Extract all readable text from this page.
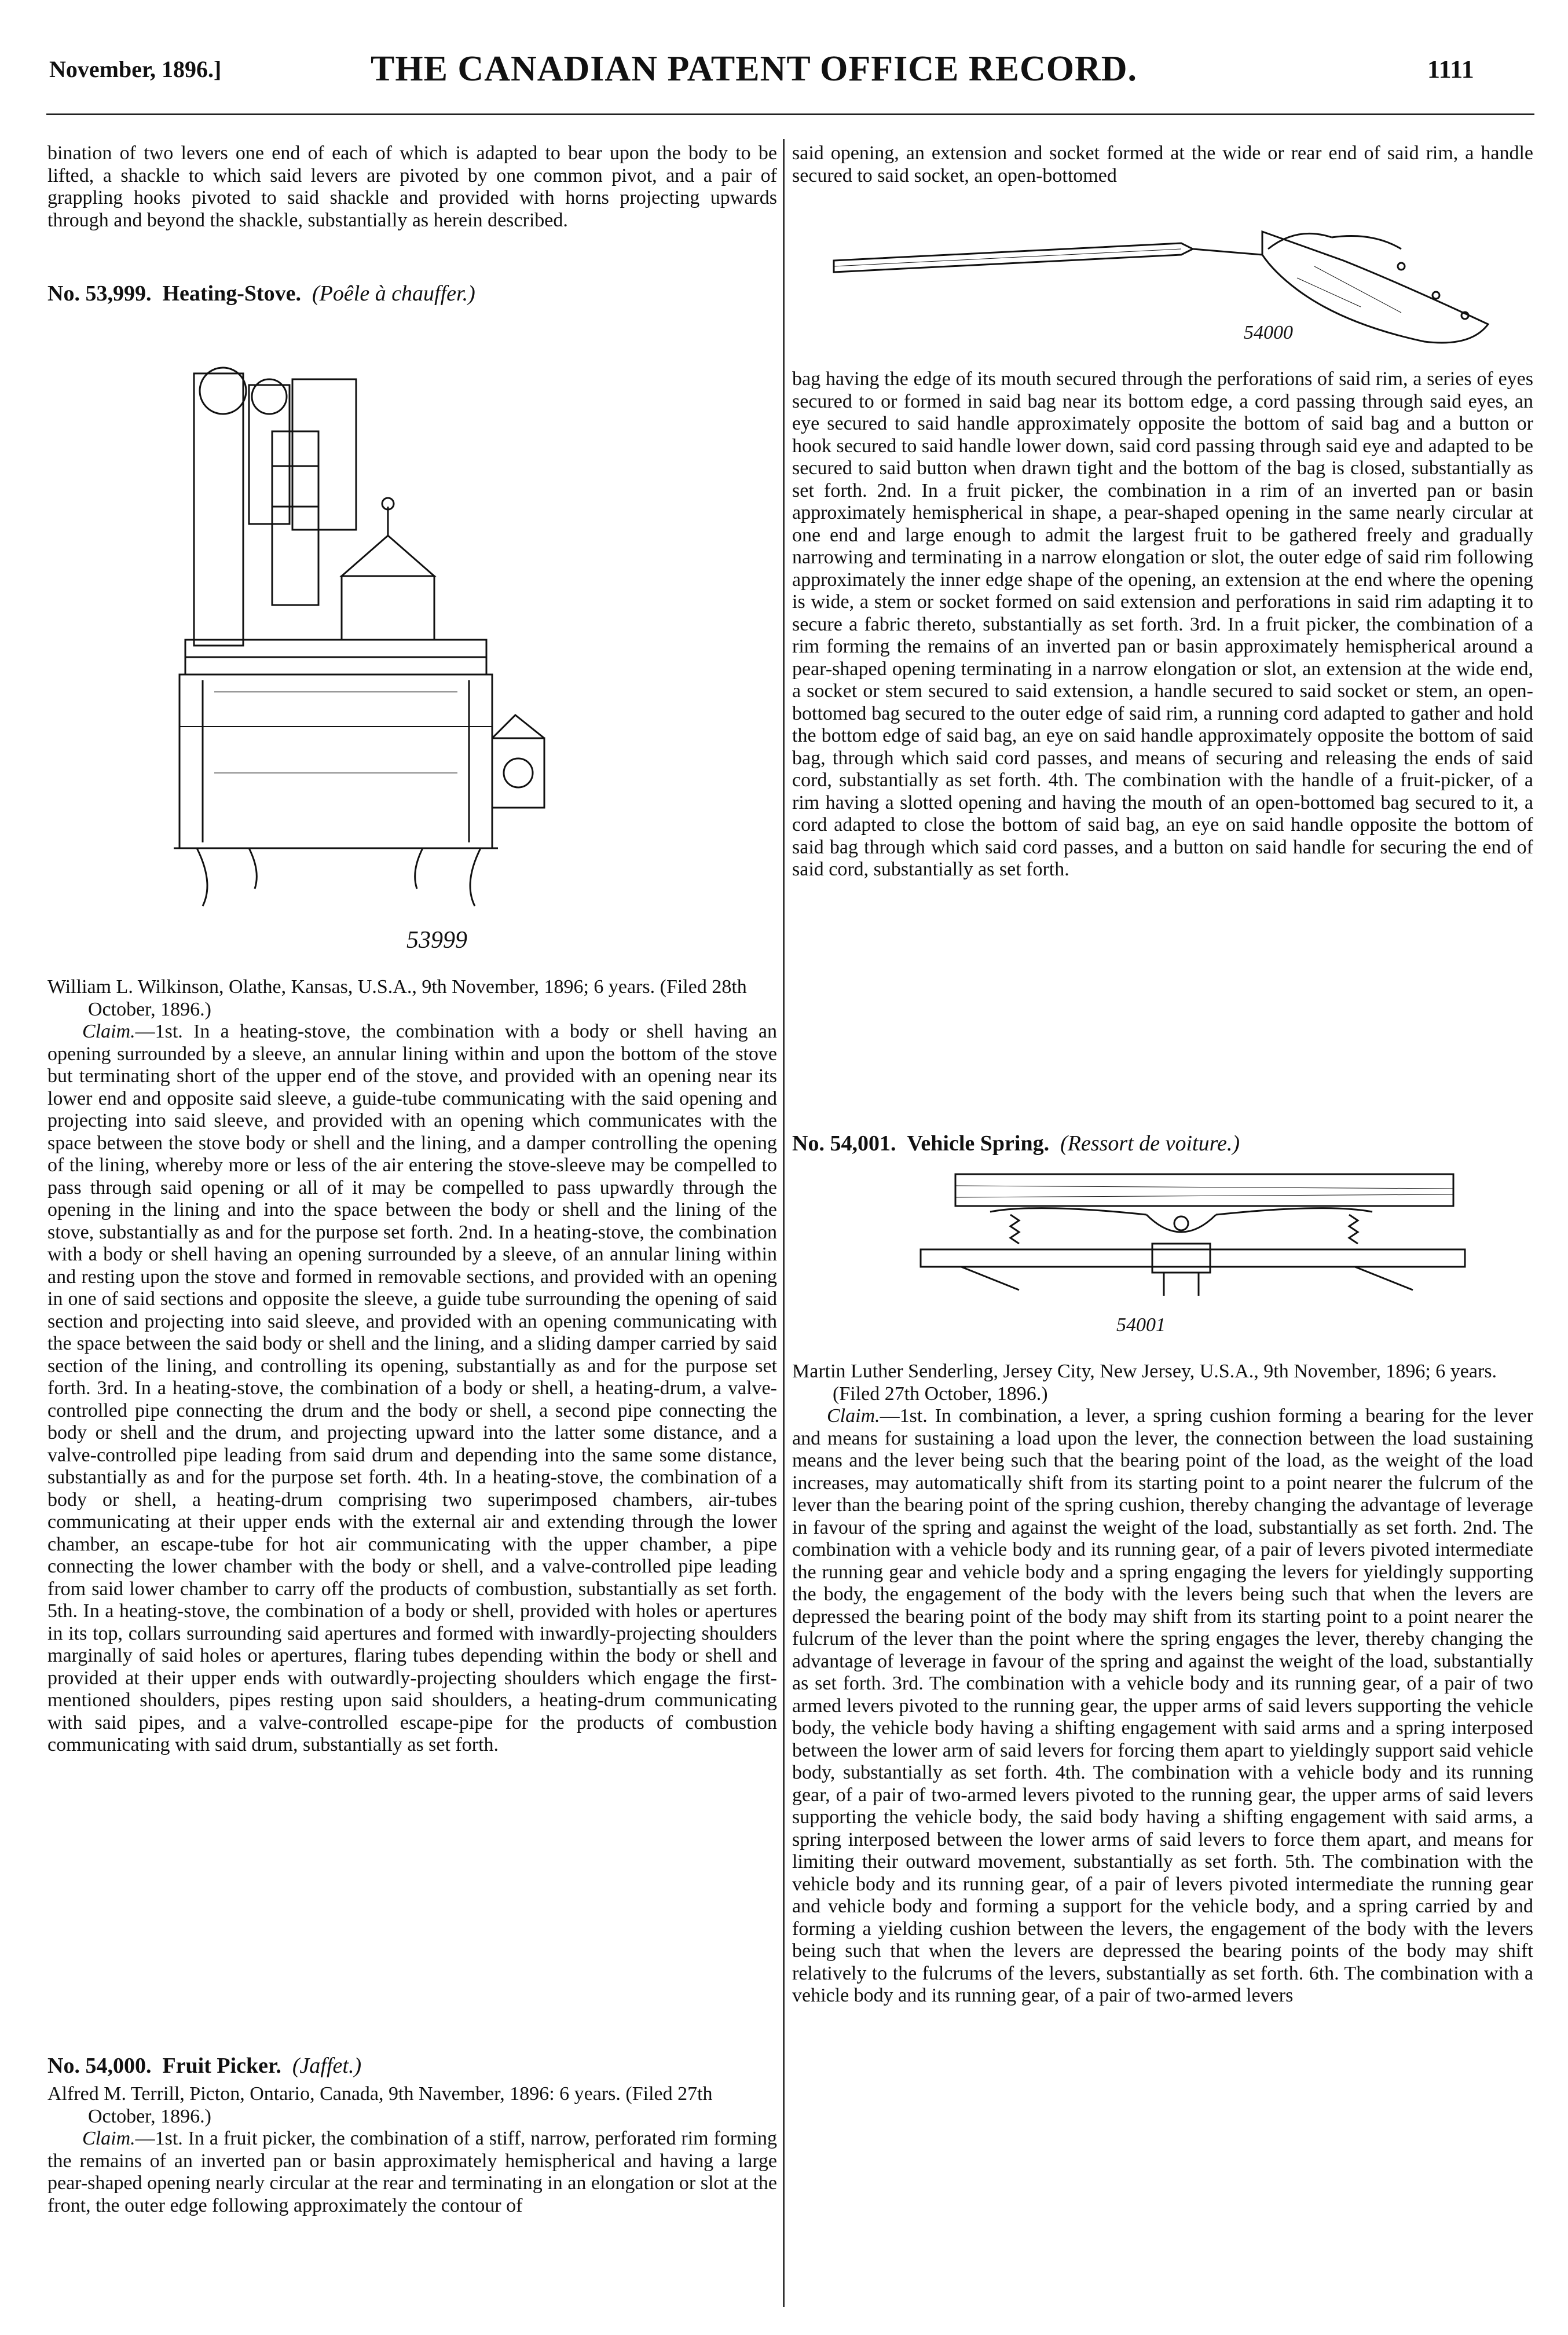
November, 1896.]	THE CANADIAN PATENT OFFICE RECORD.	1111

bination of two levers one end of each of which is adapted to bear upon the body to be lifted, a shackle to which said levers are pivoted by one common pivot, and a pair of grappling hooks pivoted to said shackle and provided with horns projecting upwards through and beyond the shackle, substantially as herein described.

No. 53,999. Heating-Stove. (Poêle à chauffer.)
53999

William L. Wilkinson, Olathe, Kansas, U.S.A., 9th November, 1896; 6 years. (Filed 28th October, 1896.)

Claim.—1st. In a heating-stove, the combination with a body or shell having an opening surrounded by a sleeve, an annular lining within and upon the bottom of the stove but terminating short of the upper end of the stove, and provided with an opening near its lower end and opposite said sleeve, a guide-tube communicating with the said opening and projecting into said sleeve, and provided with an opening which communicates with the space between the stove body or shell and the lining, and a damper controlling the opening of the lining, whereby more or less of the air entering the stove-sleeve may be compelled to pass through said opening or all of it may be compelled to pass upwardly through the opening in the lining and into the space between the body or shell and the lining of the stove, substantially as and for the purpose set forth. 2nd. In a heating-stove, the combination with a body or shell having an opening surrounded by a sleeve, of an annular lining within and resting upon the stove and formed in removable sections, and provided with an opening in one of said sections and opposite the sleeve, a guide tube surrounding the opening of said section and projecting into said sleeve, and provided with an opening communicating with the space between the said body or shell and the lining, and a sliding damper carried by said section of the lining, and controlling its opening, substantially as and for the purpose set forth. 3rd. In a heating-stove, the combination of a body or shell, a heating-drum, a valve-controlled pipe connecting the drum and the body or shell, a second pipe connecting the body or shell and the drum, and projecting upward into the latter some distance, and a valve-controlled pipe leading from said drum and depending into the same some distance, substantially as and for the purpose set forth. 4th. In a heating-stove, the combination of a body or shell, a heating-drum comprising two superimposed chambers, air-tubes communicating at their upper ends with the external air and extending through the lower chamber, an escape-tube for hot air communicating with the upper chamber, a pipe connecting the lower chamber with the body or shell, and a valve-controlled pipe leading from said lower chamber to carry off the products of combustion, substantially as set forth. 5th. In a heating-stove, the combination of a body or shell, provided with holes or apertures in its top, collars surrounding said apertures and formed with inwardly-projecting shoulders marginally of said holes or apertures, flaring tubes depending within the body or shell and provided at their upper ends with outwardly-projecting shoulders which engage the first-mentioned shoulders, pipes resting upon said shoulders, a heating-drum communicating with said pipes, and a valve-controlled escape-pipe for the products of combustion communicating with said drum, substantially as set forth.

No. 54,000. Fruit Picker. (Jaffet.)

Alfred M. Terrill, Picton, Ontario, Canada, 9th Navember, 1896: 6 years. (Filed 27th October, 1896.)

Claim.—1st. In a fruit picker, the combination of a stiff, narrow, perforated rim forming the remains of an inverted pan or basin approximately hemispherical and having a large pear-shaped opening nearly circular at the rear and terminating in an elongation or slot at the front, the outer edge following approximately the contour of

said opening, an extension and socket formed at the wide or rear end of said rim, a handle secured to said socket, an open-bottomed

54000

bag having the edge of its mouth secured through the perforations of said rim, a series of eyes secured to or formed in said bag near its bottom edge, a cord passing through said eyes, an eye secured to said handle approximately opposite the bottom of said bag and a button or hook secured to said handle lower down, said cord passing through said eye and adapted to be secured to said button when drawn tight and the bottom of the bag is closed, substantially as set forth. 2nd. In a fruit picker, the combination in a rim of an inverted pan or basin approximately hemispherical in shape, a pear-shaped opening in the same nearly circular at one end and large enough to admit the largest fruit to be gathered freely and gradually narrowing and terminating in a narrow elongation or slot, the outer edge of said rim following approximately the inner edge shape of the opening, an extension at the end where the opening is wide, a stem or socket formed on said extension and perforations in said rim adapting it to secure a fabric thereto, substantially as set forth. 3rd. In a fruit picker, the combination of a rim forming the remains of an inverted pan or basin approximately hemispherical around a pear-shaped opening terminating in a narrow elongation or slot, an extension at the wide end, a socket or stem secured to said extension, a handle secured to said socket or stem, an open-bottomed bag secured to the outer edge of said rim, a running cord adapted to gather and hold the bottom edge of said bag, an eye on said handle approximately opposite the bottom of said bag, through which said cord passes, and means of securing and releasing the ends of said cord, substantially as set forth. 4th. The combination with the handle of a fruit-picker, of a rim having a slotted opening and having the mouth of an open-bottomed bag secured to it, a cord adapted to close the bottom of said bag, an eye on said handle opposite the bottom of said bag through which said cord passes, and a button on said handle for securing the end of said cord, substantially as set forth.

No. 54,001. Vehicle Spring. (Ressort de voiture.)
54001

Martin Luther Senderling, Jersey City, New Jersey, U.S.A., 9th November, 1896; 6 years. (Filed 27th October, 1896.)

Claim.—1st. In combination, a lever, a spring cushion forming a bearing for the lever and means for sustaining a load upon the lever, the connection between the load sustaining means and the lever being such that the bearing point of the load, as the weight of the load increases, may automatically shift from its starting point to a point nearer the fulcrum of the lever than the bearing point of the spring cushion, thereby changing the advantage of leverage in favour of the spring and against the weight of the load, substantially as set forth. 2nd. The combination with a vehicle body and its running gear, of a pair of levers pivoted intermediate the running gear and vehicle body and a spring engaging the levers for yieldingly supporting the body, the engagement of the body with the levers being such that when the levers are depressed the bearing point of the body may shift from its starting point to a point nearer the fulcrum of the lever than the point where the spring engages the lever, thereby changing the advantage of leverage in favour of the spring and against the weight of the load, substantially as set forth. 3rd. The combination with a vehicle body and its running gear, of a pair of two armed levers pivoted to the running gear, the upper arms of said levers supporting the vehicle body, the vehicle body having a shifting engagement with said arms and a spring interposed between the lower arm of said levers for forcing them apart to yieldingly support said vehicle body, substantially as set forth. 4th. The combination with a vehicle body and its running gear, of a pair of two-armed levers pivoted to the running gear, the upper arms of said levers supporting the vehicle body, the said body having a shifting engagement with said arms, a spring interposed between the lower arms of said levers to force them apart, and means for limiting their outward movement, substantially as set forth. 5th. The combination with the vehicle body and its running gear, of a pair of levers pivoted intermediate the running gear and vehicle body and forming a support for the vehicle body, and a spring carried by and forming a yielding cushion between the levers, the engagement of the body with the levers being such that when the levers are depressed the bearing points of the body may shift relatively to the fulcrums of the levers, substantially as set forth. 6th. The combination with a vehicle body and its running gear, of a pair of two-armed levers
